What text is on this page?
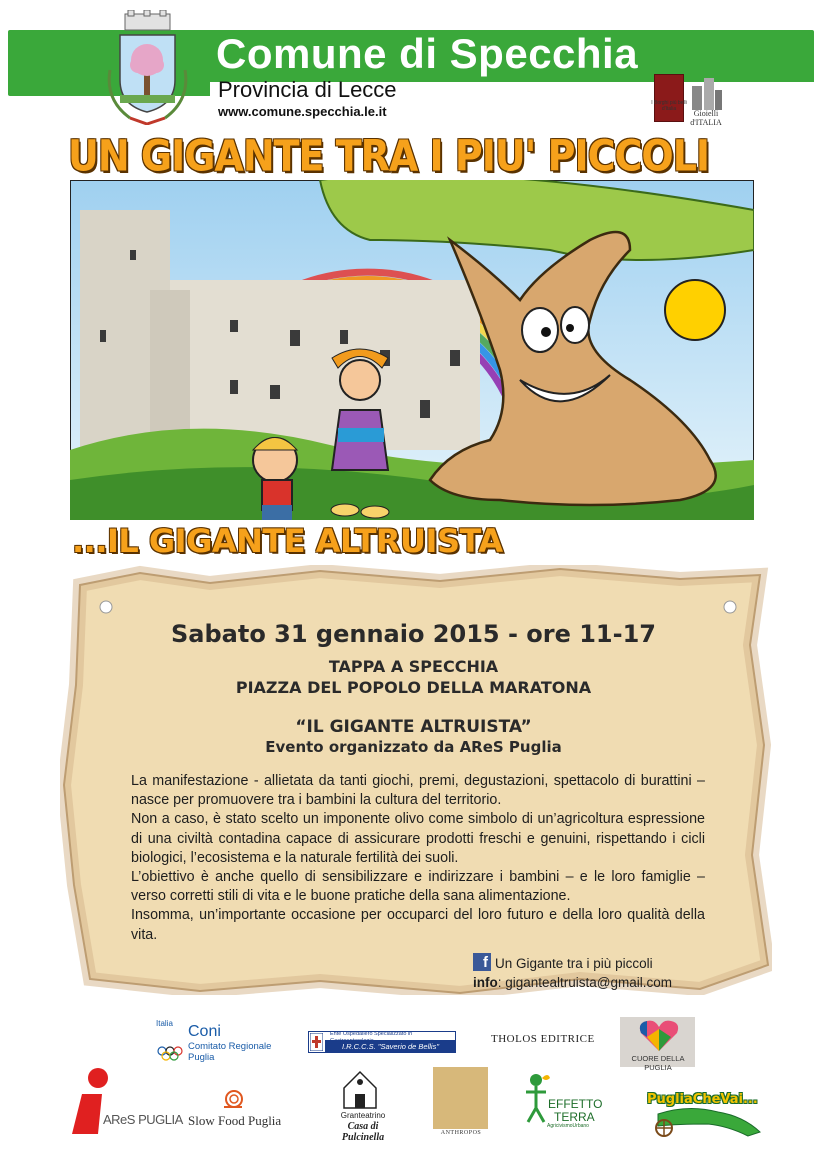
Comune di Specchia
Provincia di Lecce
www.comune.specchia.le.it
I Borghi più belli d'Italia	Gioielli d'ITALIA
UN GIGANTE TRA I PIU' PICCOLI
...IL GIGANTE ALTRUISTA
Sabato 31 gennaio 2015 - ore 11-17
TAPPA A SPECCHIA
PIAZZA DEL POPOLO DELLA MARATONA
“IL GIGANTE ALTRUISTA”
Evento organizzato da AReS Puglia

La manifestazione - allietata da tanti giochi, premi, degustazioni, spettacolo di burattini – nasce per promuovere tra i bambini la cultura del territorio.

Non a caso, è stato scelto un imponente olivo come simbolo di un’agricoltura espressione di una civiltà contadina capace di assicurare prodotti freschi e genuini, rispettando i cicli biologici, l’ecosistema e la naturale fertilità dei suoli.

L’obiettivo è anche quello di sensibilizzare e indirizzare i bambini – e le loro famiglie – verso corretti stili di vita e le buone pratiche della sana alimentazione.

Insomma, un’importante occasione per occuparci del loro futuro e della loro qualità della vita.

f Un Gigante tra i più piccoli
info: gigantealtruista@gmail.com
Italia Coni
Comitato Regionale Puglia
Ente Ospedaliero Specializzato in
I.R.C.C.S. "Saverio de Bellis"
THOLOS EDITRICE
CUORE DELLA PUGLIA
AReS PUGLIA Slow Food Puglia	Granteatrino
Casa di Pulcinella	ANTHROPOS
EFFETTO
TERRA
AgricivismoUrbano
PugliaCheVai...
